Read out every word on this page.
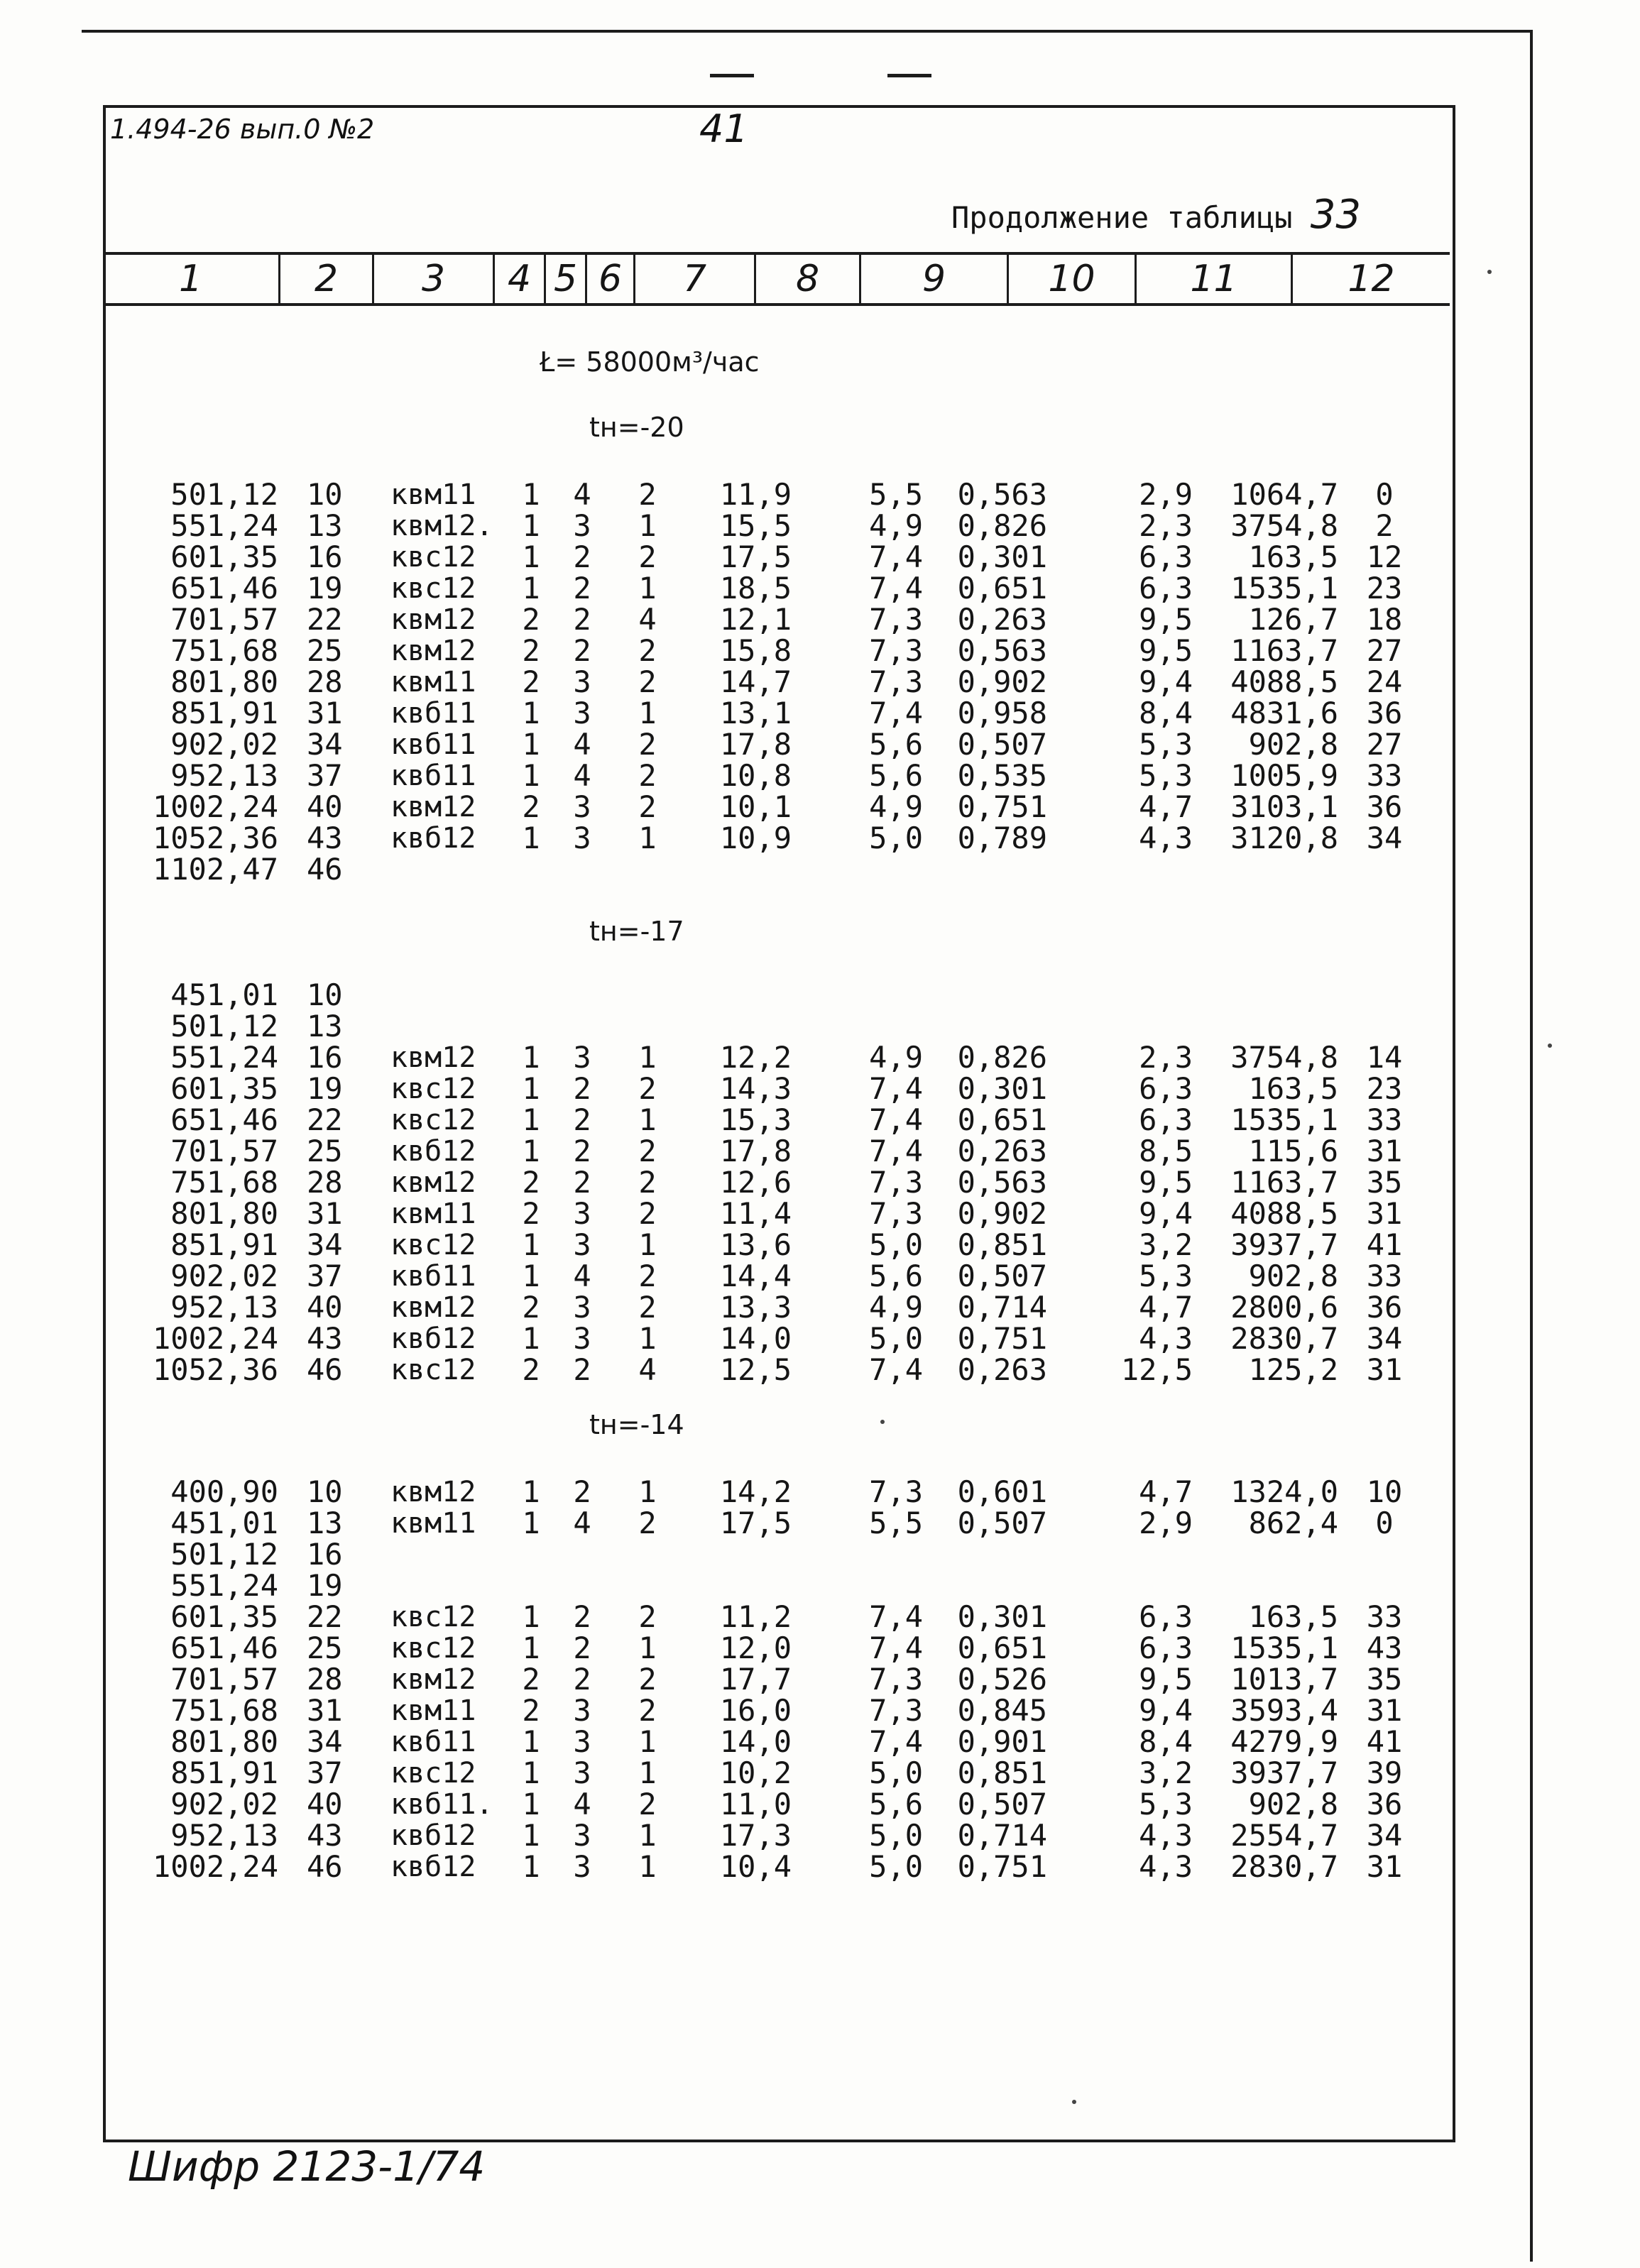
1.494-26 вып.0 №2	41
Продолжение таблицы 33
1	2	3	4 5 6	7	8	9	10	11	12
Ł= 58000м³/час
tн=-20
501,12 10	квм11	1 4 2	11,9	5,5	0,563	2,9	1064,7	0
551,24 13	квм12. 1 3 1	15,5	4,9	0,826	2,3	3754,8	2
601,35 16	квс12	1 2 2	17,5	7,4	0,301	6,3	163,5 12
651,46 19	квс12	1 2 1	18,5	7,4	0,651	6,3	1535,1 23
701,57 22	квм12	2 2 4	12,1	7,3	0,263	9,5	126,7 18
751,68 25	квм12	2 2 2	15,8	7,3	0,563	9,5	1163,7 27
801,80 28	квм11	2 3 2	14,7	7,3	0,902	9,4	4088,5 24
851,91 31	квб11	1 3 1	13,1	7,4	0,958	8,4	4831,6 36
902,02 34	квб11	1 4 2	17,8	5,6	0,507	5,3	902,8 27
952,13 37	квб11	1 4 2	10,8	5,6	0,535	5,3	1005,9 33
1002,24 40	квм12	2 3 2	10,1	4,9	0,751	4,7	3103,1 36
1052,36 43	квб12	1 3 1	10,9	5,0	0,789	4,3	3120,8 34
1102,47 46
tн=-17
451,01 10
501,12 13
551,24 16	квм12	1 3 1	12,2	4,9	0,826	2,3	3754,8 14
601,35 19	квс12	1 2 2	14,3	7,4	0,301	6,3	163,5 23
651,46 22	квс12	1 2 1	15,3	7,4	0,651	6,3	1535,1 33
701,57 25	квб12	1 2 2	17,8	7,4	0,263	8,5	115,6 31
751,68 28	квм12	2 2 2	12,6	7,3	0,563	9,5	1163,7 35
801,80 31	квм11	2 3 2	11,4	7,3	0,902	9,4	4088,5 31
851,91 34	квс12	1 3 1	13,6	5,0	0,851	3,2	3937,7 41
902,02 37	квб11	1 4 2	14,4	5,6	0,507	5,3	902,8 33
952,13 40	квм12	2 3 2	13,3	4,9	0,714	4,7	2800,6 36
1002,24 43	квб12	1 3 1	14,0	5,0	0,751	4,3	2830,7 34
1052,36 46	квс12	2 2 4	12,5	7,4	0,263	12,5	125,2 31
tн=-14
400,90 10	квм12	1 2 1	14,2	7,3	0,601	4,7	1324,0 10
451,01 13	квм11	1 4 2	17,5	5,5	0,507	2,9	862,4	0
501,12 16
551,24 19
601,35 22	квс12	1 2 2	11,2	7,4	0,301	6,3	163,5 33
651,46 25	квс12	1 2 1	12,0	7,4	0,651	6,3	1535,1 43
701,57 28	квм12	2 2 2	17,7	7,3	0,526	9,5	1013,7 35
751,68 31	квм11	2 3 2	16,0	7,3	0,845	9,4	3593,4 31
801,80 34	квб11	1 3 1	14,0	7,4	0,901	8,4	4279,9 41
851,91 37	квс12	1 3 1	10,2	5,0	0,851	3,2	3937,7 39
902,02 40	квб11. 1 4 2	11,0	5,6	0,507	5,3	902,8 36
952,13 43	квб12	1 3 1	17,3	5,0	0,714	4,3	2554,7 34
1002,24 46	квб12	1 3 1	10,4	5,0	0,751	4,3	2830,7 31
Шифр 2123-1/74
